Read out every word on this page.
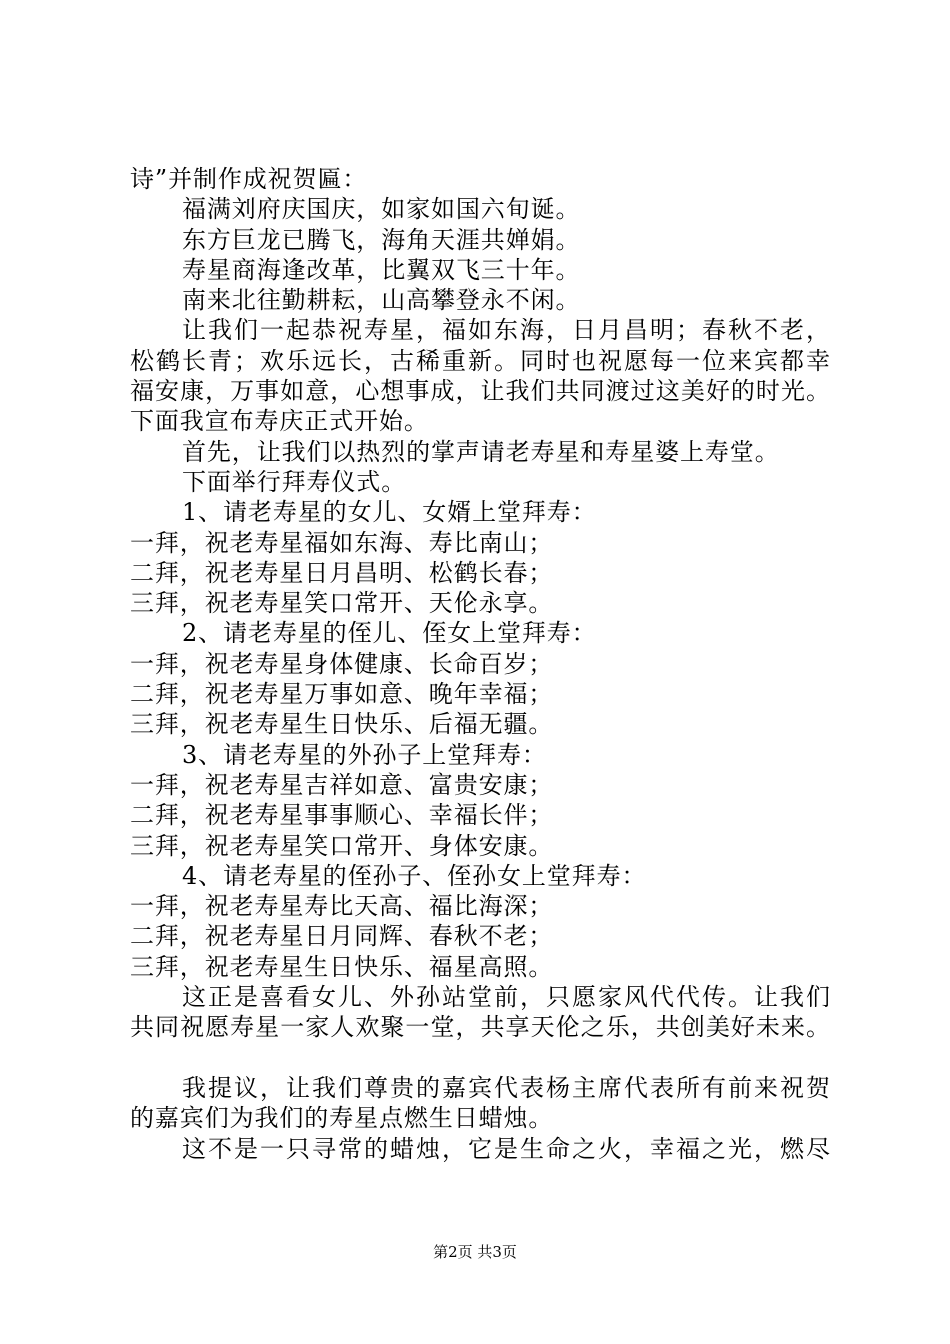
诗”并制作成祝贺匾：
福满刘府庆国庆，如家如国六旬诞。
东方巨龙已腾飞，海角天涯共婵娟。
寿星商海逢改革，比翼双飞三十年。
南来北往勤耕耘，山高攀登永不闲。
让我们一起恭祝寿星，福如东海，日月昌明；春秋不老，
松鹤长青；欢乐远长，古稀重新。同时也祝愿每一位来宾都幸
福安康，万事如意，心想事成，让我们共同渡过这美好的时光。
下面我宣布寿庆正式开始。
首先，让我们以热烈的掌声请老寿星和寿星婆上寿堂。
下面举行拜寿仪式。
1、请老寿星的女儿、女婿上堂拜寿：
一拜，祝老寿星福如东海、寿比南山；
二拜，祝老寿星日月昌明、松鹤长春；
三拜，祝老寿星笑口常开、天伦永享。
2、请老寿星的侄儿、侄女上堂拜寿：
一拜，祝老寿星身体健康、长命百岁；
二拜，祝老寿星万事如意、晚年幸福；
三拜，祝老寿星生日快乐、后福无疆。
3、请老寿星的外孙子上堂拜寿：
一拜，祝老寿星吉祥如意、富贵安康；
二拜，祝老寿星事事顺心、幸福长伴；
三拜，祝老寿星笑口常开、身体安康。
4、请老寿星的侄孙子、侄孙女上堂拜寿：
一拜，祝老寿星寿比天高、福比海深；
二拜，祝老寿星日月同辉、春秋不老；
三拜，祝老寿星生日快乐、福星高照。
这正是喜看女儿、外孙站堂前，只愿家风代代传。让我们
共同祝愿寿星一家人欢聚一堂，共享天伦之乐，共创美好未来。
我提议，让我们尊贵的嘉宾代表杨主席代表所有前来祝贺
的嘉宾们为我们的寿星点燃生日蜡烛。
这不是一只寻常的蜡烛，它是生命之火，幸福之光，燃尽
第2页 共3页
